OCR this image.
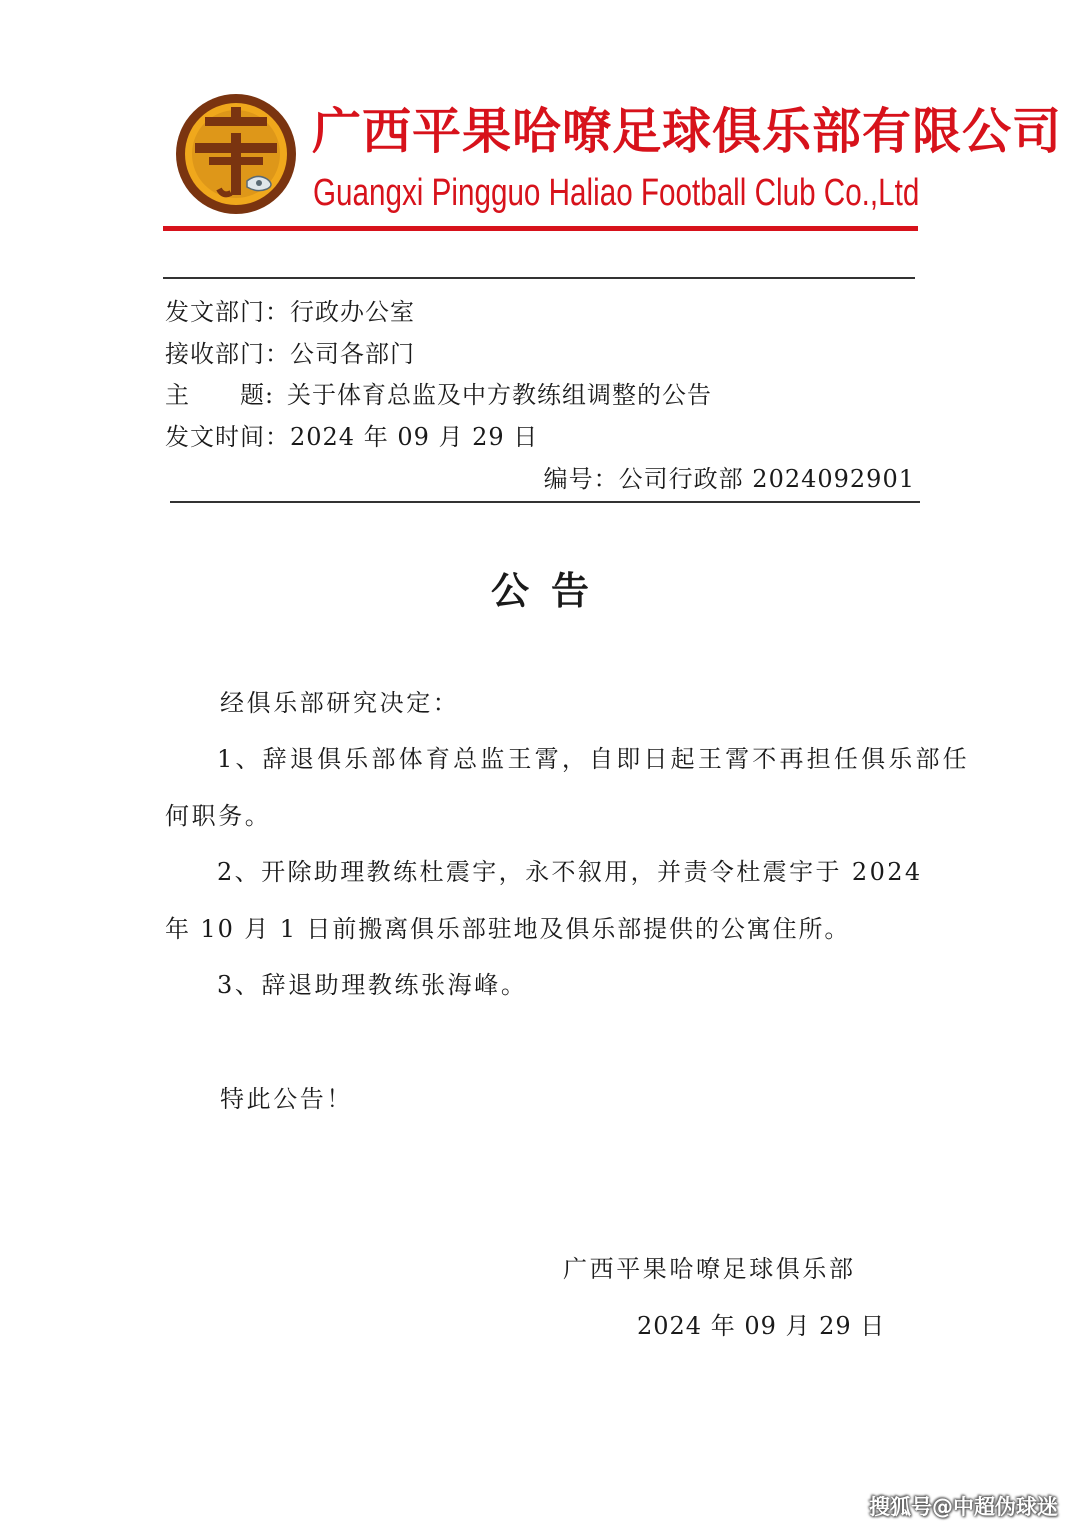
广西平果哈嘹足球俱乐部有限公司
Guangxi Pingguo Haliao Football Club Co.,Ltd
发文部门：行政办公室
接收部门：公司各部门
主　　题: 关于体育总监及中方教练组调整的公告
发文时间：2024 年 09 月 29 日
编号：公司行政部 2024092901
公告
经俱乐部研究决定：
1、辞退俱乐部体育总监王霄，自即日起王霄不再担任俱乐部任
何职务。
2、开除助理教练杜震宇，永不叙用，并责令杜震宇于 2024
年 10 月 1 日前搬离俱乐部驻地及俱乐部提供的公寓住所。
3、辞退助理教练张海峰。
特此公告！
广西平果哈嘹足球俱乐部
2024 年 09 月 29 日
搜狐号@中超伪球迷
